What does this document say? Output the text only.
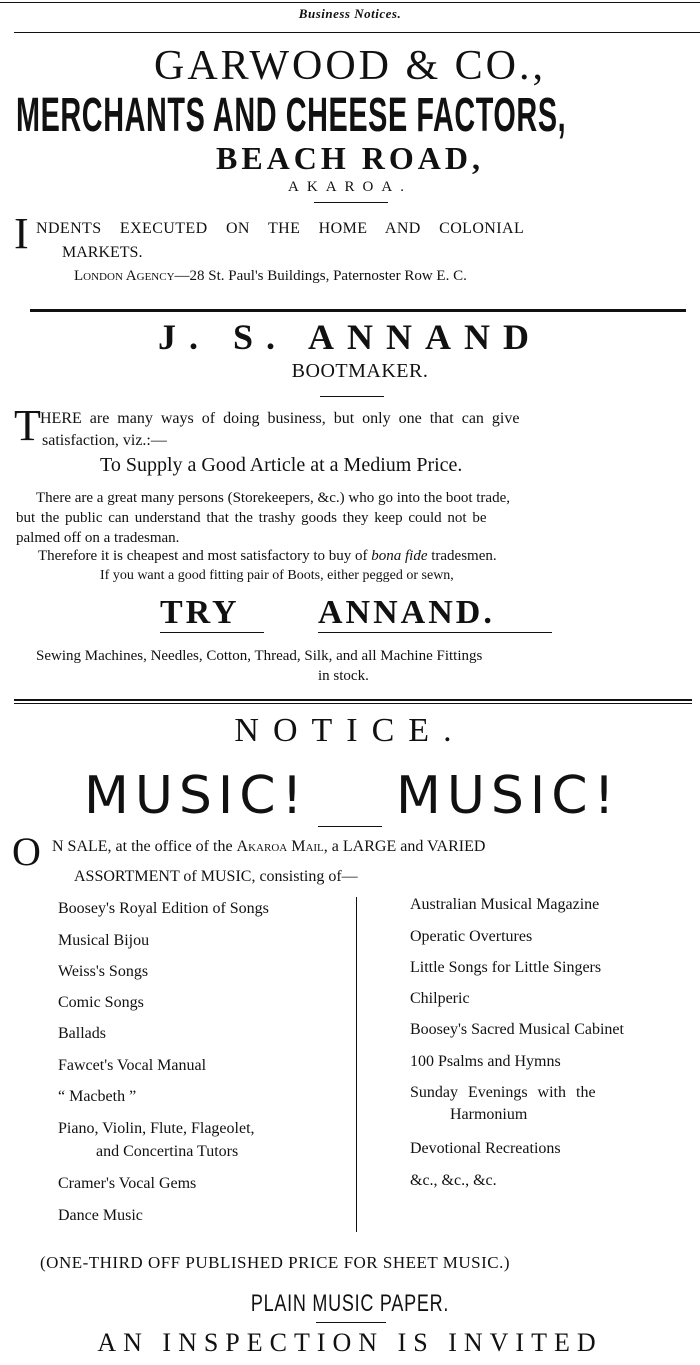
Business Notices.
GARWOOD & CO.,
MERCHANTS AND CHEESE FACTORS,
BEACH ROAD,
AKAROA.
I NDENTS EXECUTED ON THE HOME AND COLONIAL
MARKETS.
London Agency—28 St. Paul's Buildings, Paternoster Row E. C.
J. S. ANNAND
BOOTMAKER.
T HERE are many ways of doing business, but only one that can give
satisfaction, viz.:—
To Supply a Good Article at a Medium Price.
There are a great many persons (Storekeepers, &c.) who go into the boot trade,
but the public can understand that the trashy goods they keep could not be
palmed off on a tradesman.
Therefore it is cheapest and most satisfactory to buy of bona fide tradesmen.
If you want a good fitting pair of Boots, either pegged or sewn,
TRY ANNAND.
Sewing Machines, Needles, Cotton, Thread, Silk, and all Machine Fittings
in stock.
NOTICE.
MUSIC! MUSIC!
O N SALE, at the office of the Akaroa Mail, a LARGE and VARIED
ASSORTMENT of MUSIC, consisting of—
Boosey's Royal Edition of Songs
Musical Bijou
Weiss's Songs
Comic Songs
Ballads
Fawcet's Vocal Manual
“ Macbeth ”
Piano, Violin, Flute, Flageolet,
and Concertina Tutors
Cramer's Vocal Gems
Dance Music
Australian Musical Magazine
Operatic Overtures
Little Songs for Little Singers
Chilperic
Boosey's Sacred Musical Cabinet
100 Psalms and Hymns
Sunday Evenings with the
Harmonium
Devotional Recreations
&c., &c., &c.
(ONE-THIRD OFF PUBLISHED PRICE FOR SHEET MUSIC.)
PLAIN MUSIC PAPER.
AN INSPECTION IS INVITED
